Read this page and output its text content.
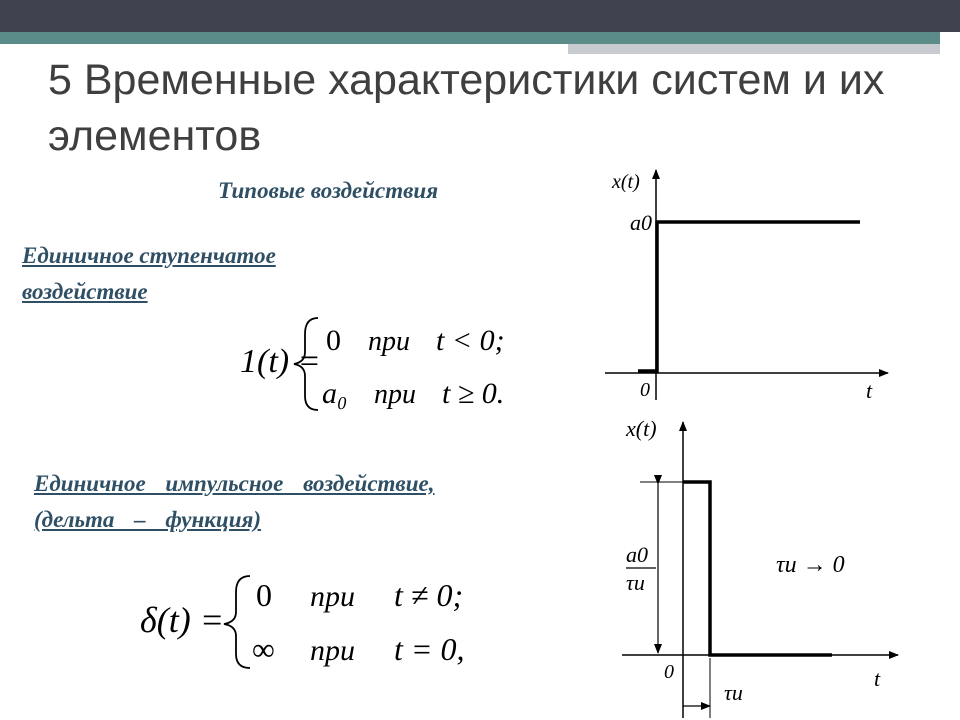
5 Временные характеристики систем и их элементов
Типовые воздействия
Единичное ступенчатое
воздействие
Единичное импульсное воздействие,
(дельта – функция)
1(t) =
0 при t < 0;
a₀ при t ≥ 0.
δ(t) =
0 при t ≠ 0;
∞ при t = 0,
x(t)
t
0
a0
x(t)
t
0
a0
τи
τи → 0
τи
